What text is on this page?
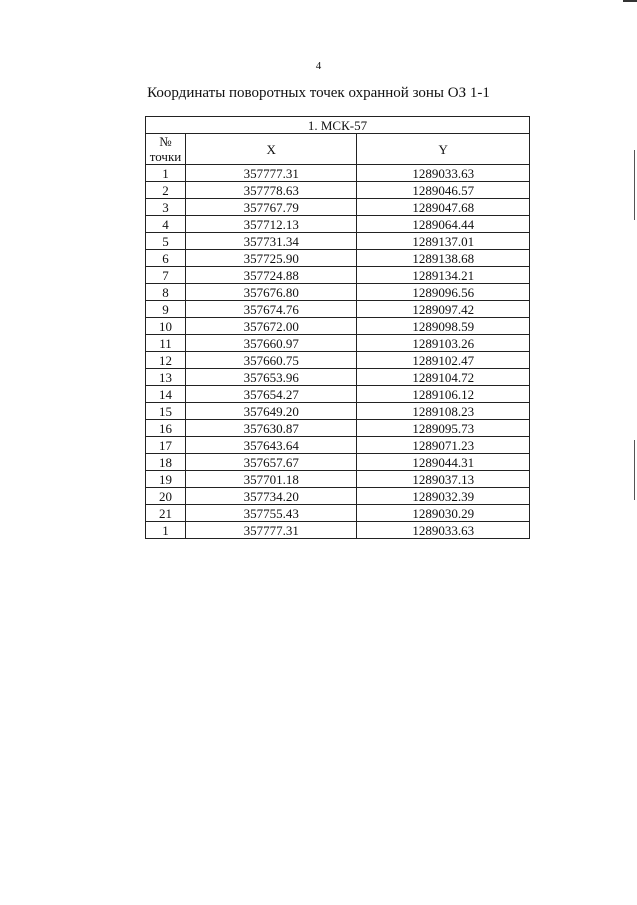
4
Координаты поворотных точек охранной зоны ОЗ 1-1
1. МСК-57		
№
точки	X	Y
1	357777.31	1289033.63
2	357778.63	1289046.57
3	357767.79	1289047.68
4	357712.13	1289064.44
5	357731.34	1289137.01
6	357725.90	1289138.68
7	357724.88	1289134.21
8	357676.80	1289096.56
9	357674.76	1289097.42
10	357672.00	1289098.59
11	357660.97	1289103.26
12	357660.75	1289102.47
13	357653.96	1289104.72
14	357654.27	1289106.12
15	357649.20	1289108.23
16	357630.87	1289095.73
17	357643.64	1289071.23
18	357657.67	1289044.31
19	357701.18	1289037.13
20	357734.20	1289032.39
21	357755.43	1289030.29
1	357777.31	1289033.63
